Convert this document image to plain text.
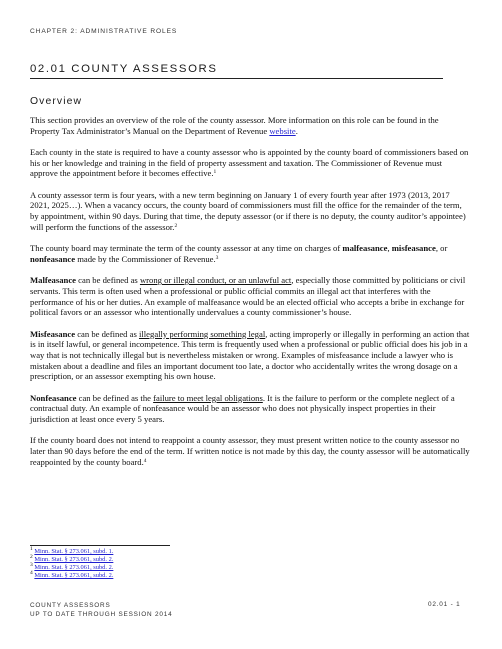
CHAPTER 2: ADMINISTRATIVE ROLES
02.01 COUNTY ASSESSORS
Overview

This section provides an overview of the role of the county assessor. More information on this role can be found in the Property Tax Administrator’s Manual on the Department of Revenue website.

Each county in the state is required to have a county assessor who is appointed by the county board of commissioners based on his or her knowledge and training in the field of property assessment and taxation. The Commissioner of Revenue must approve the appointment before it becomes effective.$^1$

A county assessor term is four years, with a new term beginning on January 1 of every fourth year after 1973 (2013, 2017 2021, 2025…). When a vacancy occurs, the county board of commissioners must fill the office for the remainder of the term, by appointment, within 90 days. During that time, the deputy assessor (or if there is no deputy, the county auditor’s appointee) will perform the functions of the assessor.$^2$

The county board may terminate the term of the county assessor at any time on charges of malfeasance, misfeasance, or nonfeasance made by the Commissioner of Revenue.$^3$

Malfeasance can be defined as wrong or illegal conduct, or an unlawful act, especially those committed by politicians or civil servants. This term is often used when a professional or public official commits an illegal act that interferes with the performance of his or her duties. An example of malfeasance would be an elected official who accepts a bribe in exchange for political favors or an assessor who intentionally undervalues a county commissioner’s house.

Misfeasance can be defined as illegally performing something legal, acting improperly or illegally in performing an action that is in itself lawful, or general incompetence. This term is frequently used when a professional or public official does his job in a way that is not technically illegal but is nevertheless mistaken or wrong. Examples of misfeasance include a lawyer who is mistaken about a deadline and files an important document too late, a doctor who accidentally writes the wrong dosage on a prescription, or an assessor exempting his own house.

Nonfeasance can be defined as the failure to meet legal obligations. It is the failure to perform or the complete neglect of a contractual duty. An example of nonfeasance would be an assessor who does not physically inspect properties in their jurisdiction at least once every 5 years.

If the county board does not intend to reappoint a county assessor, they must present written notice to the county assessor no later than 90 days before the end of the term. If written notice is not made by this day, the county assessor will be automatically reappointed by the county board.$^4$

$^1$ Minn. Stat. § 273.061, subd. 1.
$^2$ Minn. Stat. § 273.061, subd. 2.
$^3$ Minn. Stat. § 273.061, subd. 2.
$^4$ Minn. Stat. § 273.061, subd. 2.
COUNTY ASSESSORS
UP TO DATE THROUGH SESSION 2014
02.01 - 1
